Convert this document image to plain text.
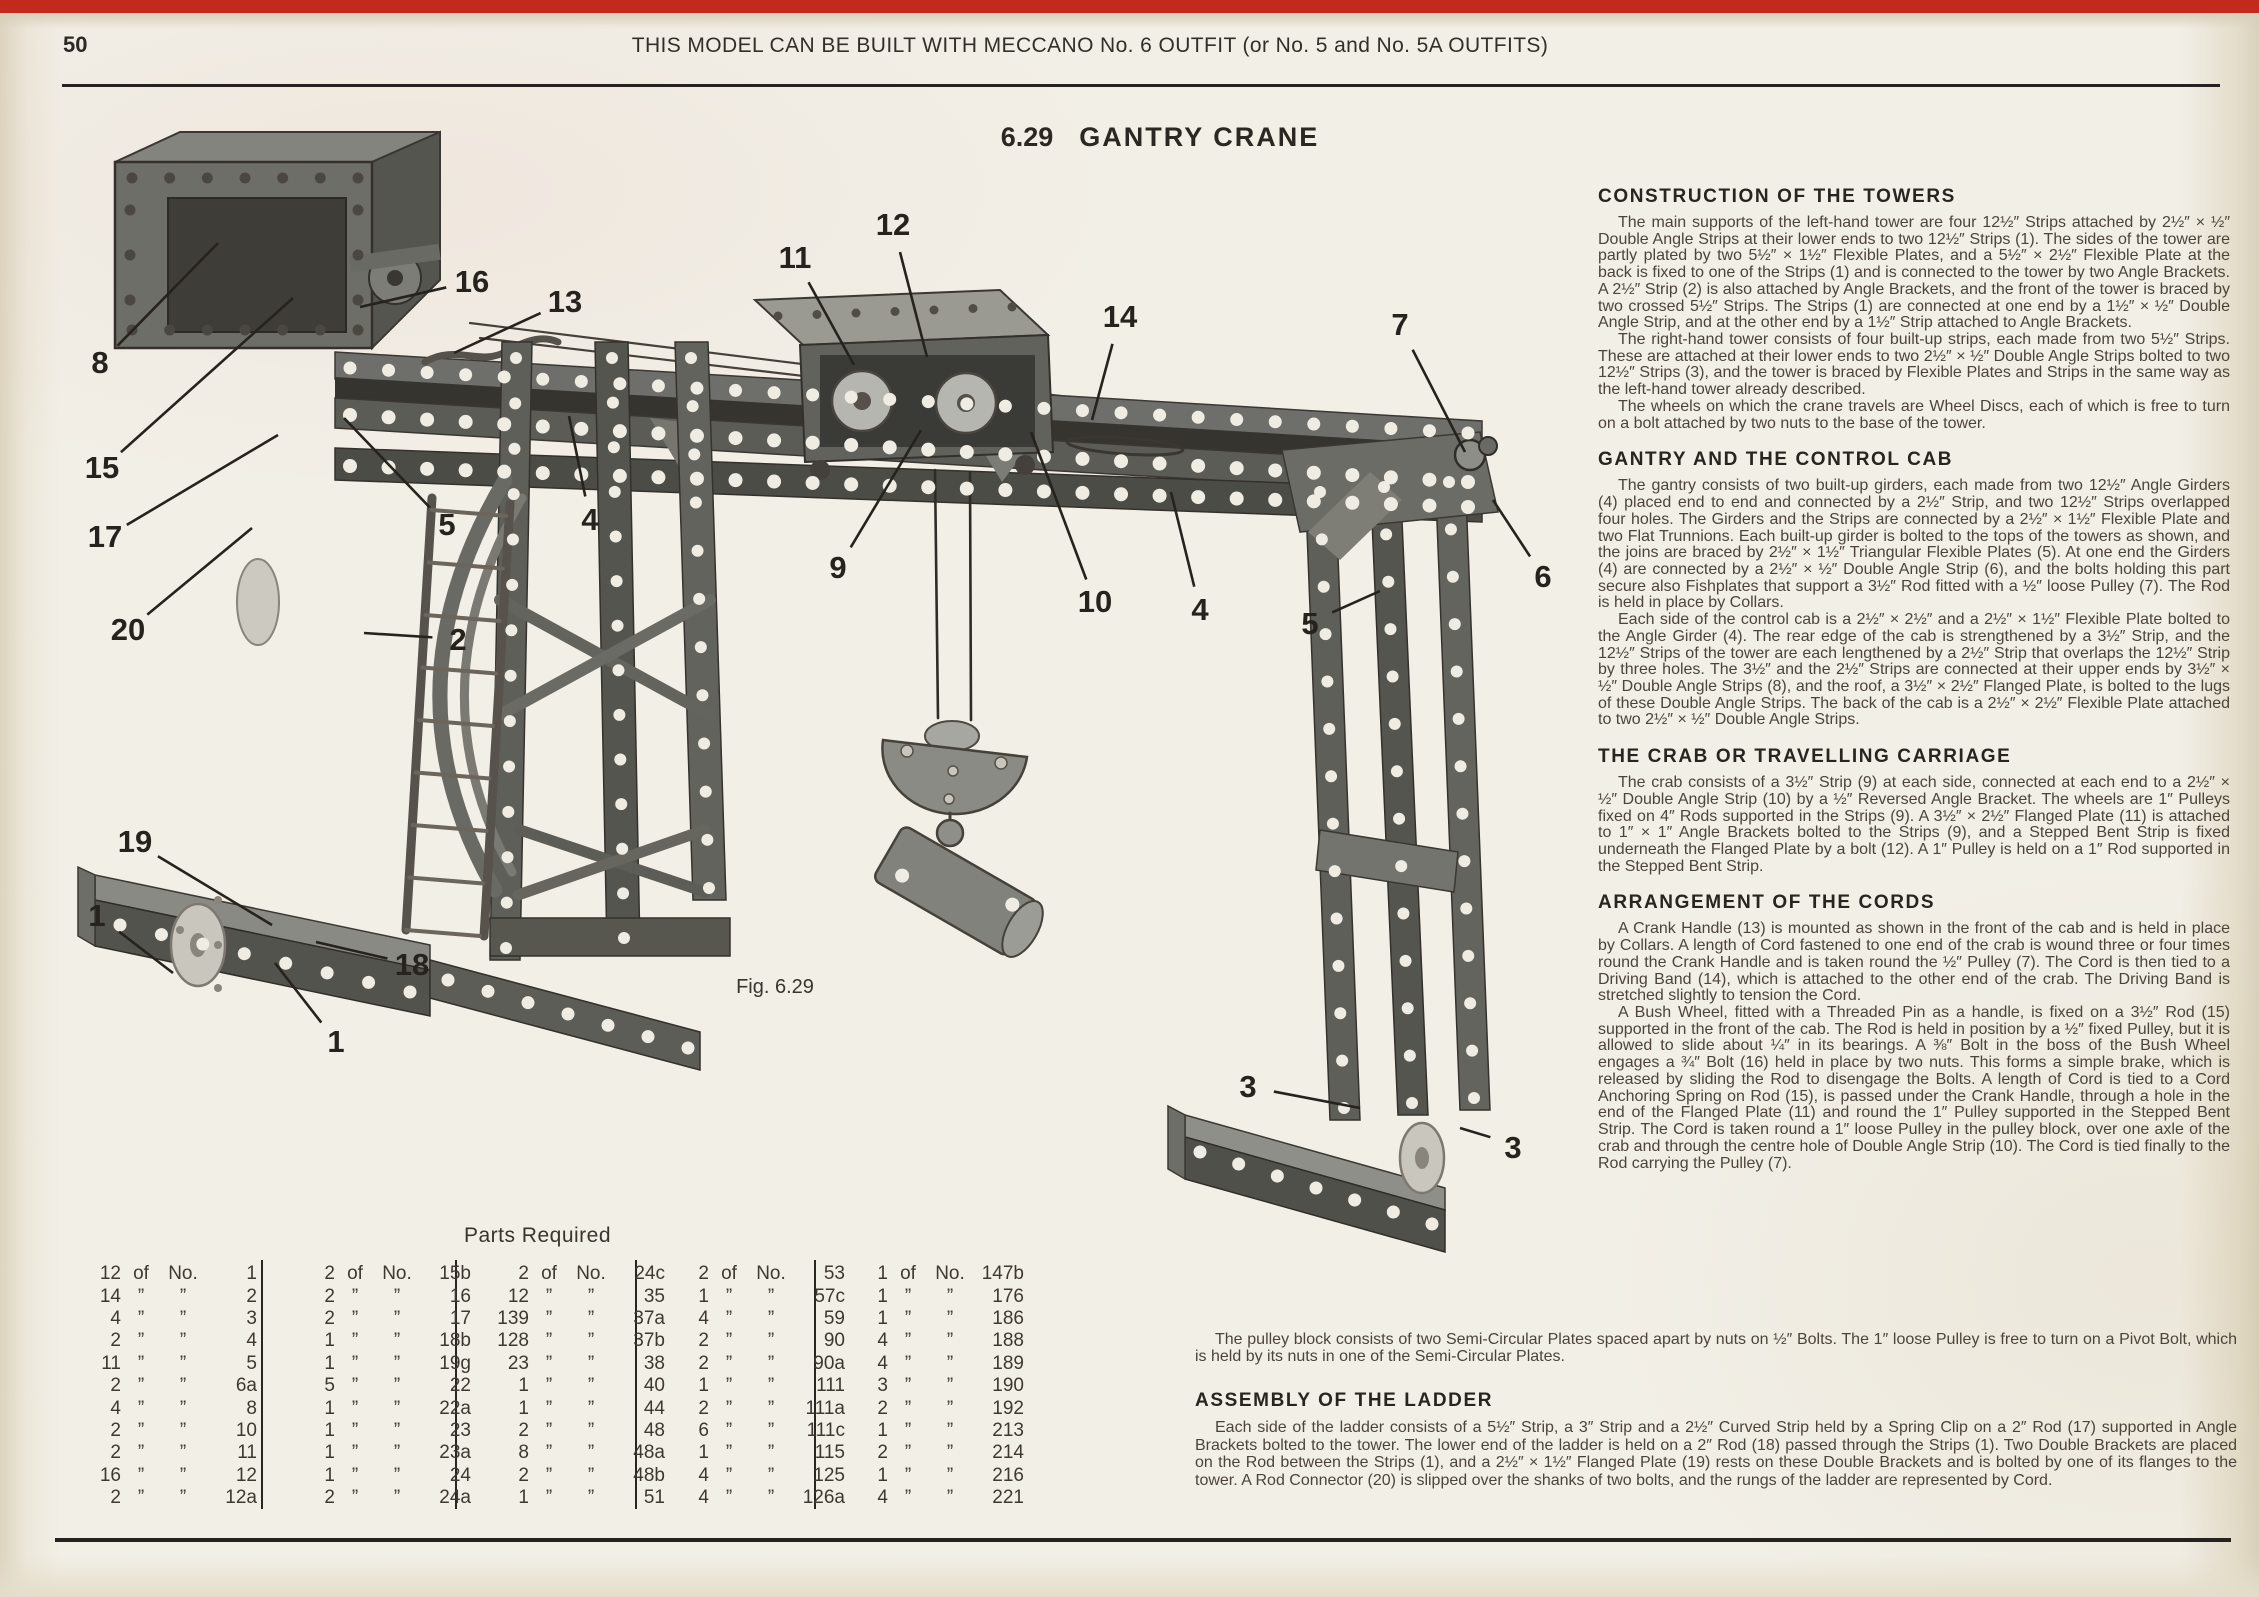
50	THIS MODEL CAN BE BUILT WITH MECCANO No. 6 OUTFIT (or No. 5 and No. 5A OUTFITS)
6.29 GANTRY CRANE
8
15
17
20
19
1
1
18
2
5	4
16
13
11
12
14
9
10	4
7
6
5
3
3
Fig. 6.29
CONSTRUCTION OF THE TOWERS

The main supports of the left-hand tower are four 12½″ Strips attached by 2½″ × ½″ Double Angle Strips at their lower ends to two 12½″ Strips (1). The sides of the tower are partly plated by two 5½″ × 1½″ Flexible Plates, and a 5½″ × 2½″ Flexible Plate at the back is fixed to one of the Strips (1) and is connected to the tower by two Angle Brackets. A 2½″ Strip (2) is also attached by Angle Brackets, and the front of the tower is braced by two crossed 5½″ Strips. The Strips (1) are connected at one end by a 1½″ × ½″ Double Angle Strip, and at the other end by a 1½″ Strip attached to Angle Brackets.

The right-hand tower consists of four built-up strips, each made from two 5½″ Strips. These are attached at their lower ends to two 2½″ × ½″ Double Angle Strips bolted to two 12½″ Strips (3), and the tower is braced by Flexible Plates and Strips in the same way as the left-hand tower already described.

The wheels on which the crane travels are Wheel Discs, each of which is free to turn on a bolt attached by two nuts to the base of the tower.

GANTRY AND THE CONTROL CAB

The gantry consists of two built-up girders, each made from two 12½″ Angle Girders (4) placed end to end and connected by a 2½″ Strip, and two 12½″ Strips overlapped four holes. The Girders and the Strips are connected by a 2½″ × 1½″ Flexible Plate and two Flat Trunnions. Each built-up girder is bolted to the tops of the towers as shown, and the joins are braced by 2½″ × 1½″ Triangular Flexible Plates (5). At one end the Girders (4) are connected by a 2½″ × ½″ Double Angle Strip (6), and the bolts holding this part secure also Fishplates that support a 3½″ Rod fitted with a ½″ loose Pulley (7). The Rod is held in place by Collars.

Each side of the control cab is a 2½″ × 2½″ and a 2½″ × 1½″ Flexible Plate bolted to the Angle Girder (4). The rear edge of the cab is strengthened by a 3½″ Strip, and the 12½″ Strips of the tower are each lengthened by a 2½″ Strip that overlaps the 12½″ Strip by three holes. The 3½″ and the 2½″ Strips are connected at their upper ends by 3½″ × ½″ Double Angle Strips (8), and the roof, a 3½″ × 2½″ Flanged Plate, is bolted to the lugs of these Double Angle Strips. The back of the cab is a 2½″ × 2½″ Flexible Plate attached to two 2½″ × ½″ Double Angle Strips.

THE CRAB OR TRAVELLING CARRIAGE

The crab consists of a 3½″ Strip (9) at each side, connected at each end to a 2½″ × ½″ Double Angle Strip (10) by a ½″ Reversed Angle Bracket. The wheels are 1″ Pulleys fixed on 4″ Rods supported in the Strips (9). A 3½″ × 2½″ Flanged Plate (11) is attached to 1″ × 1″ Angle Brackets bolted to the Strips (9), and a Stepped Bent Strip is fixed underneath the Flanged Plate by a bolt (12). A 1″ Pulley is held on a 1″ Rod supported in the Stepped Bent Strip.

ARRANGEMENT OF THE CORDS

A Crank Handle (13) is mounted as shown in the front of the cab and is held in place by Collars. A length of Cord fastened to one end of the crab is wound three or four times round the Crank Handle and is taken round the ½″ Pulley (7). The Cord is then tied to a Driving Band (14), which is attached to the other end of the crab. The Driving Band is stretched slightly to tension the Cord.

A Bush Wheel, fitted with a Threaded Pin as a handle, is fixed on a 3½″ Rod (15) supported in the front of the cab. The Rod is held in position by a ½″ fixed Pulley, but it is allowed to slide about ¼″ in its bearings. A ⅜″ Bolt in the boss of the Bush Wheel engages a ¾″ Bolt (16) held in place by two nuts. This forms a simple brake, which is released by sliding the Rod to disengage the Bolts. A length of Cord is tied to a Cord Anchoring Spring on Rod (15), is passed under the Crank Handle, through a hole in the end of the Flanged Plate (11) and round the 1″ Pulley supported in the Stepped Bent Strip. The Cord is taken round a 1″ loose Pulley in the pulley block, over one axle of the crab and through the centre hole of Double Angle Strip (10). The Cord is tied finally to the Rod carrying the Pulley (7).

The pulley block consists of two Semi-Circular Plates spaced apart by nuts on ½″ Bolts. The 1″ loose Pulley is free to turn on a Pivot Bolt, which is held by its nuts in one of the Semi-Circular Plates.

ASSEMBLY OF THE LADDER

Each side of the ladder consists of a 5½″ Strip, a 3″ Strip and a 2½″ Curved Strip held by a Spring Clip on a 2″ Rod (17) supported in Angle Brackets bolted to the tower. The lower end of the ladder is held on a 2″ Rod (18) passed through the Strips (1). Two Double Brackets are placed on the Rod between the Strips (1), and a 2½″ × 1½″ Flanged Plate (19) rests on these Double Brackets and is bolted by one of its flanges to the tower. A Rod Connector (20) is slipped over the shanks of two bolts, and the rungs of the ladder are represented by Cord.

Parts Required
12 of	No.	1
14 ”	”	2
4 ”	”	3
2 ”	”	4
11 ”	”	5
2 ”	”	6a
4 ”	”	8
2 ”	”	10
2 ”	”	11
16 ”	”	12
2 ”	”	12a
2 of	No.	15b
2 ”	”	16
2 ”	”	17
1 ”	”	18b
1 ”	”	19g
5 ”	”	22
1 ”	”	22a
1 ”	”	23
1 ”	”	23a
1 ”	”	24
2 ”	”	24a
2 of	No.	24c
12 ”	”	35
139 ”	”	37a
128 ”	”	37b
23 ”	”	38
1 ”	”	40
1 ”	”	44
2 ”	”	48
8 ”	”	48a
2 ”	”	48b
1 ”	”	51
2 of	No.	53
1 ”	”	57c
4 ”	”	59
2 ”	”	90
2 ”	”	90a
1 ”	”	111
2 ”	”	111a
6 ”	”	111c
1 ”	”	115
4 ”	”	125
4 ”	”	126a
1 of	No. 147b
1 ”	”	176
1 ”	”	186
4 ”	”	188
4 ”	”	189
3 ”	”	190
2 ”	”	192
1 ”	”	213
2 ”	”	214
1 ”	”	216
4 ”	”	221
